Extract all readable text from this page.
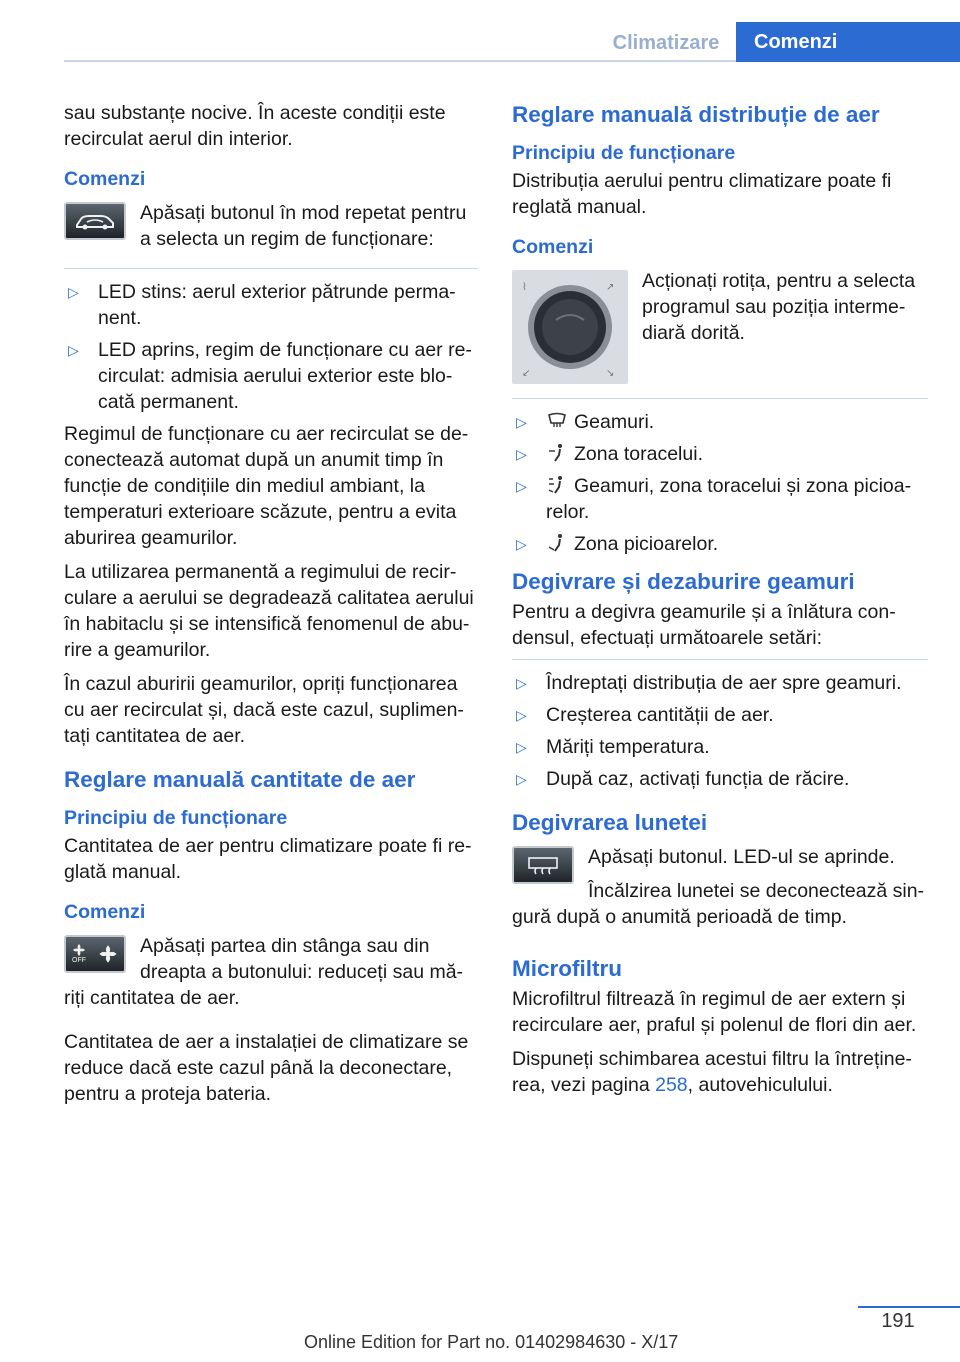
Climatizare	Comenzi

sau substanțe nocive. În aceste condiții este recirculat aerul din interior.

Comenzi

Apăsați butonul în mod repetat pentru a selecta un regim de funcționare:

▷ LED stins: aerul exterior pătrunde perma‐nent.
▷ LED aprins, regim de funcționare cu aer re‐circulat: admisia aerului exterior este blo‐cată permanent.

Regimul de funcționare cu aer recirculat se de‐conectează automat după un anumit timp în funcție de condițiile din mediul ambiant, la temperaturi exterioare scăzute, pentru a evita aburirea geamurilor.

La utilizarea permanentă a regimului de recir‐culare a aerului se degradează calitatea aerului în habitaclu și se intensifică fenomenul de abu‐rire a geamurilor.

În cazul aburirii geamurilor, opriți funcționarea cu aer recirculat și, dacă este cazul, suplimen‐tați cantitatea de aer.

Reglare manuală cantitate de aer
Principiu de funcționare

Cantitatea de aer pentru climatizare poate fi re‐glată manual.

Comenzi
OFF

Apăsați partea din stânga sau din dreapta a butonului: reduceți sau mă‐riți cantitatea de aer.

Cantitatea de aer a instalației de climatizare se reduce dacă este cazul până la deconectare, pentru a proteja bateria.

Reglare manuală distribuție de aer
Principiu de funcționare

Distribuția aerului pentru climatizare poate fi reglată manual.

Comenzi
⌇	↗
↙	↘

Acționați rotița, pentru a selecta programul sau poziția interme‐diară dorită.

▷ Geamuri.
▷ Zona toracelui.
▷ Geamuri, zona toracelui și zona picioa‐relor.
▷ Zona picioarelor.
Degivrare și dezaburire geamuri

Pentru a degivra geamurile și a înlătura con‐densul, efectuați următoarele setări:

▷ Îndreptați distribuția de aer spre geamuri.
▷ Creșterea cantității de aer.
▷ Măriți temperatura.
▷ După caz, activați funcția de răcire.
Degivrarea lunetei

Apăsați butonul. LED-ul se aprinde.

Încălzirea lunetei se deconectează sin‐gură după o anumită perioadă de timp.

Microfiltru

Microfiltrul filtrează în regimul de aer extern și recirculare aer, praful și polenul de flori din aer.

Dispuneți schimbarea acestui filtru la întreține‐rea, vezi pagina 258, autovehiculului.

191
Online Edition for Part no. 01402984630 - X/17
